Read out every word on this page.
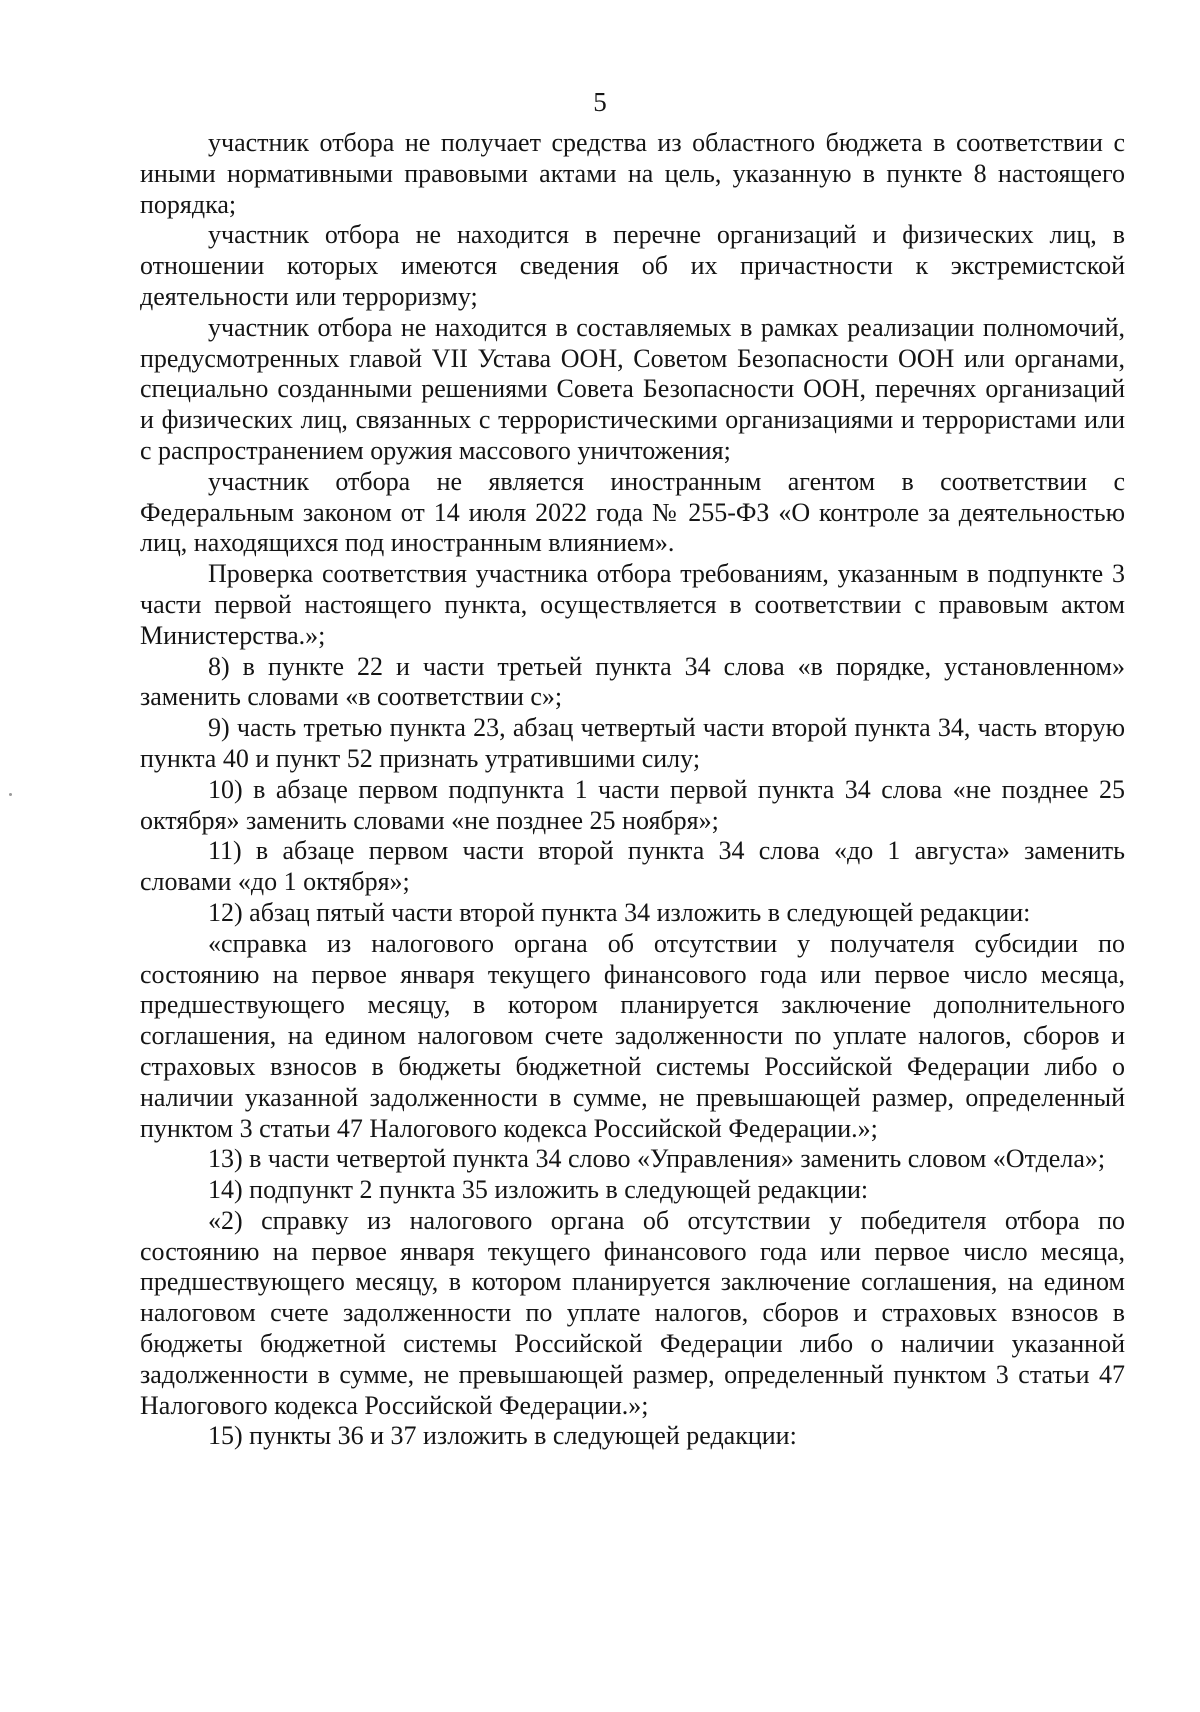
5

участник отбора не получает средства из областного бюджета в соответствии с иными нормативными правовыми актами на цель, указанную в пункте 8 настоящего порядка;

участник отбора не находится в перечне организаций и физических лиц, в отношении которых имеются сведения об их причастности к экстремистской деятельности или терроризму;

участник отбора не находится в составляемых в рамках реализации полномочий, предусмотренных главой VII Устава ООН, Советом Безопасности ООН или органами, специально созданными решениями Совета Безопасности ООН, перечнях организаций и физических лиц, связанных с террористическими организациями и террористами или с распространением оружия массового уничтожения;

участник отбора не является иностранным агентом в соответствии с Федеральным законом от 14 июля 2022 года № 255-ФЗ «О контроле за деятельностью лиц, находящихся под иностранным влиянием».

Проверка соответствия участника отбора требованиям, указанным в подпункте 3 части первой настоящего пункта, осуществляется в соответствии с правовым актом Министерства.»;

8) в пункте 22 и части третьей пункта 34 слова «в порядке, установленном» заменить словами «в соответствии с»;

9) часть третью пункта 23, абзац четвертый части второй пункта 34, часть вторую пункта 40 и пункт 52 признать утратившими силу;

10) в абзаце первом подпункта 1 части первой пункта 34 слова «не позднее 25 октября» заменить словами «не позднее 25 ноября»;

11) в абзаце первом части второй пункта 34 слова «до 1 августа» заменить словами «до 1 октября»;

12) абзац пятый части второй пункта 34 изложить в следующей редакции:

«справка из налогового органа об отсутствии у получателя субсидии по состоянию на первое января текущего финансового года или первое число месяца, предшествующего месяцу, в котором планируется заключение дополнительного соглашения, на едином налоговом счете задолженности по уплате налогов, сборов и страховых взносов в бюджеты бюджетной системы Российской Федерации либо о наличии указанной задолженности в сумме, не превышающей размер, определенный пунктом 3 статьи 47 Налогового кодекса Российской Федерации.»;

13) в части четвертой пункта 34 слово «Управления» заменить словом «Отдела»;

14) подпункт 2 пункта 35 изложить в следующей редакции:

«2) справку из налогового органа об отсутствии у победителя отбора по состоянию на первое января текущего финансового года или первое число месяца, предшествующего месяцу, в котором планируется заключение соглашения, на едином налоговом счете задолженности по уплате налогов, сборов и страховых взносов в бюджеты бюджетной системы Российской Федерации либо о наличии указанной задолженности в сумме, не превышающей размер, определенный пунктом 3 статьи 47 Налогового кодекса Российской Федерации.»;

15) пункты 36 и 37 изложить в следующей редакции:
